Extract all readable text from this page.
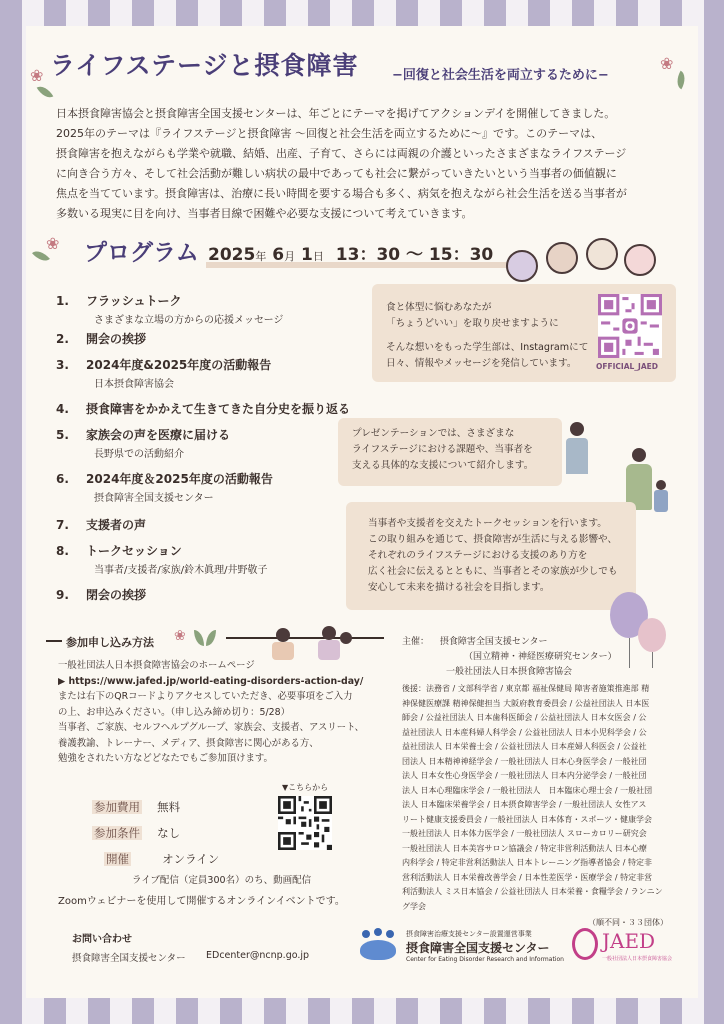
❀ ライフステージと摂食障害	−回復と社会生活を両立するために−
❀

日本摂食障害協会と摂食障害全国支援センターは、年ごとにテーマを掲げてアクションデイを開催してきました。

2025年のテーマは『ライフステージと摂食障害 〜回復と社会生活を両立するために〜』です。このテーマは、

摂食障害を抱えながらも学業や就職、結婚、出産、子育て、さらには両親の介護といったさまざまなライフステージ

に向き合う方々、そして社会活動が難しい病状の最中であっても社会に繋がっていきたいという当事者の価値観に

焦点を当てています。摂食障害は、治療に長い時間を要する場合も多く、病気を抱えながら社会生活を送る当事者が

多数いる現実に目を向け、当事者目線で困難や必要な支援について考えていきます。

❀ プログラム 2025年 6月 1日 13：30 〜 15：30
1. フラッシュトーク
さまざまな立場の方からの応援メッセージ
2. 開会の挨拶
3. 2024年度&2025年度の活動報告
日本摂食障害協会
4. 摂食障害をかかえて生きてきた自分史を振り返る
5. 家族会の声を医療に届ける
長野県での活動紹介
6. 2024年度＆2025年度の活動報告
摂食障害全国支援センター
7. 支援者の声
8. トークセッション
当事者/支援者/家族/鈴木眞理/井野敬子
9. 閉会の挨拶
食と体型に悩むあなたが
「ちょうどいい」を取り戻せますように
そんな想いをもった学生部は、Instagramにて
日々、情報やメッセージを発信しています。	OFFICIAL_JAED
プレゼンテーションでは、さまざまな
ライフステージにおける課題や、当事者を
支える具体的な支援について紹介します。
当事者や支援者を交えたトークセッションを行います。
この取り組みを通じて、摂食障害が生活に与える影響や、
それぞれのライフステージにおける支援のあり方を
広く社会に伝えるとともに、当事者とその家族が少しでも
安心して未来を描ける社会を目指します。
参加申し込み方法 ❀
一般社団法人日本摂食障害協会のホームページ
▶ https://www.jafed.jp/world-eating-disorders-action-day/
または右下のQRコードよりアクセスしていただき、必要事項をご入力
の上、お申込みください。（申し込み締め切り：5/28）
当事者、ご家族、セルフヘルプグループ、家族会、支援者、アスリート、
養護教諭、トレーナー、メディア、摂食障害に関心がある方、
勉強をされたい方などどなたでもご参加頂けます。
参加費用 無料
参加条件 なし
開催	オンライン
ライブ配信（定員300名）のち、動画配信
Zoomウェビナーを使用して開催するオンラインイベントです。
▼こちらから
お問い合わせ
摂食障害全国支援センター EDcenter@ncnp.go.jp
主催： 摂食障害全国支援センター
（国立精神・神経医療研究センター）
一般社団法人日本摂食障害協会
後援：法務省 / 文部科学省 / 東京都 福祉保健局 障害者施策推進部 精
神保健医療課 精神保健担当 大阪府教育委員会 / 公益社団法人 日本医
師会 / 公益社団法人 日本歯科医師会 / 公益社団法人 日本女医会 / 公
益社団法人 日本産科婦人科学会 / 公益社団法人 日本小児科学会 / 公
益社団法人 日本栄養士会 / 公益社団法人 日本産婦人科医会 / 公益社
団法人 日本精神神経学会 / 一般社団法人 日本心身医学会 / 一般社団
法人 日本女性心身医学会 / 一般社団法人 日本内分泌学会 / 一般社団
法人 日本心理臨床学会 / 一般社団法人　日本臨床心理士会 / 一般社団
法人 日本臨床栄養学会 / 日本摂食障害学会 / 一般社団法人 女性アス
リート健康支援委員会 / 一般社団法人 日本体育・スポーツ・健康学会
一般社団法人 日本体力医学会 / 一般社団法人 スローカロリー研究会
一般社団法人 日本美容サロン協議会 / 特定非営利活動法人 日本心療
内科学会 / 特定非営利活動法人 日本トレーニング指導者協会 / 特定非
営利活動法人 日本栄養改善学会 / 日本性差医学・医療学会 / 特定非営
利活動法人 ミス日本協会 / 公益社団法人 日本栄養・食糧学会 / ランニン
グ学会
（順不同・３３団体）
摂食障害治療支援センター設置運営事業
摂食障害全国支援センター
Center for Eating Disorder Research and Information
JAED
一般社団法人日本摂食障害協会
